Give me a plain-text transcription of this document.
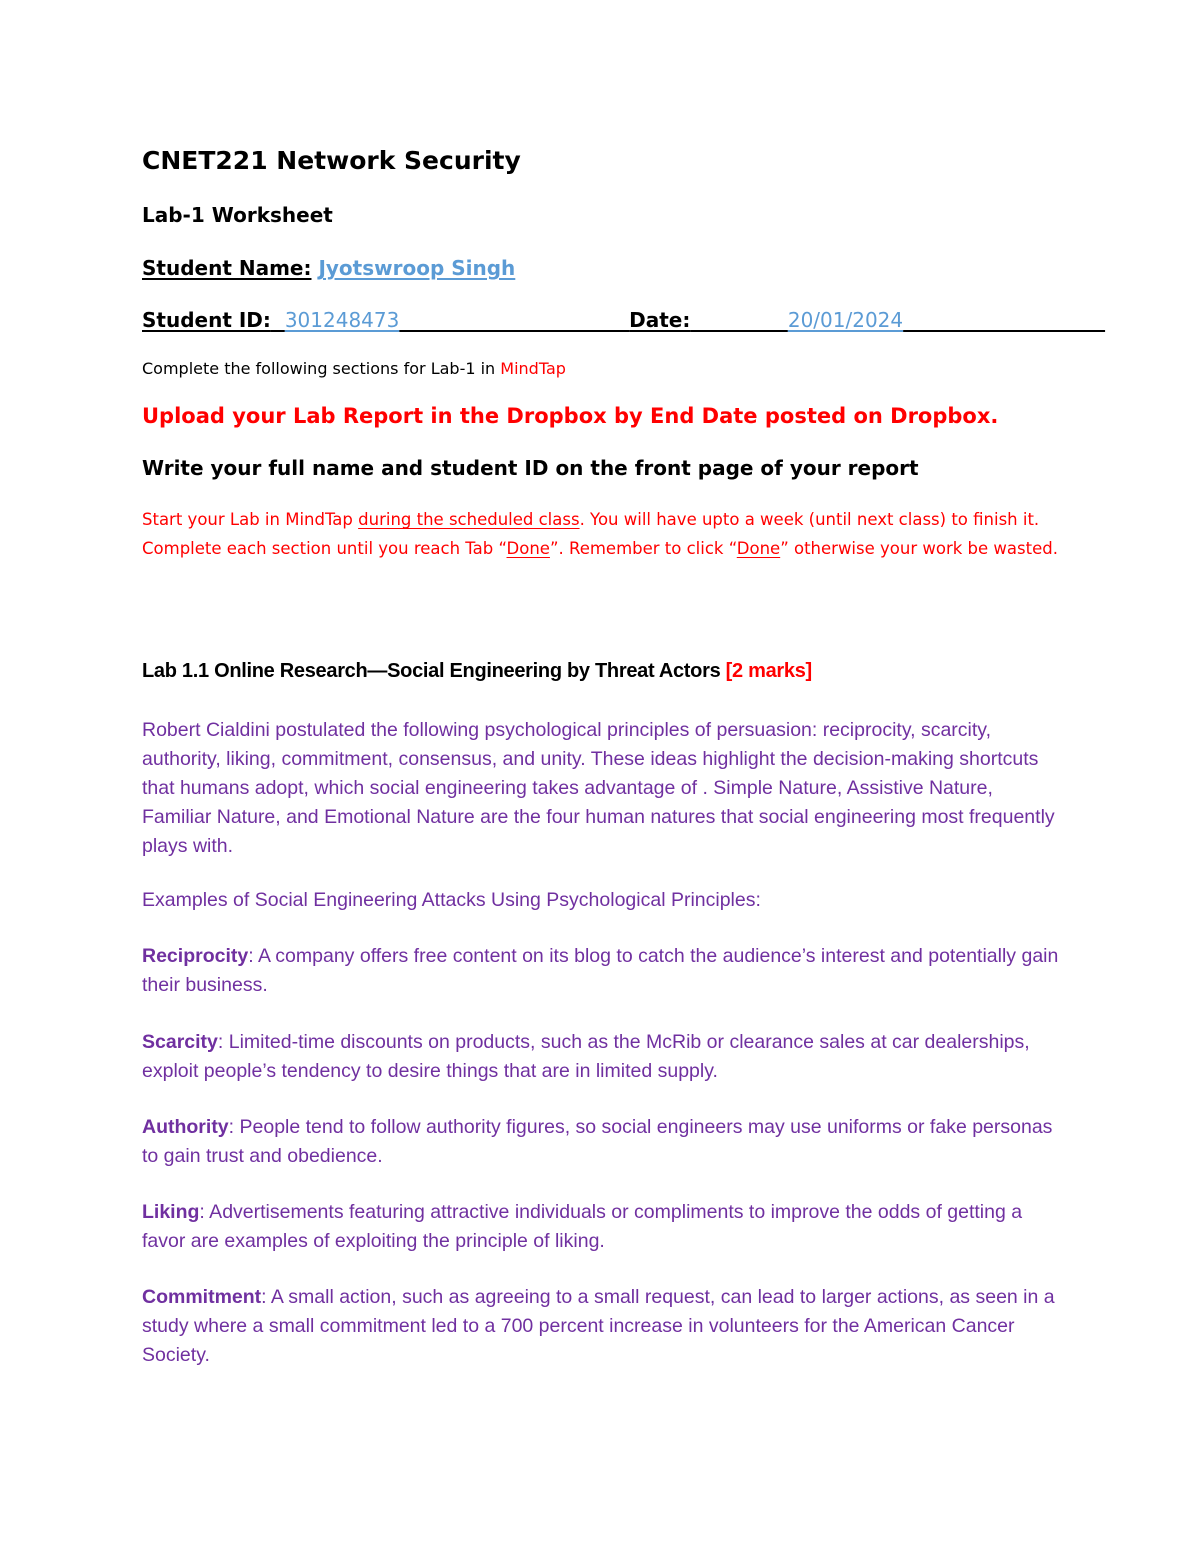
CNET221 Network Security
Lab-1 Worksheet
Student Name: Jyotswroop Singh
Student ID: 301248473	Date:	20/01/2024
Complete the following sections for Lab-1 in MindTap
Upload your Lab Report in the Dropbox by End Date posted on Dropbox.
Write your full name and student ID on the front page of your report
Start your Lab in MindTap during the scheduled class. You will have upto a week (until next class) to finish it. Complete each section until you reach Tab “Done”. Remember to click “Done” otherwise your work be wasted.
Lab 1.1 Online Research—Social Engineering by Threat Actors [2 marks]
Robert Cialdini postulated the following psychological principles of persuasion: reciprocity, scarcity, authority, liking, commitment, consensus, and unity. These ideas highlight the decision-making shortcuts that humans adopt, which social engineering takes advantage of . Simple Nature, Assistive Nature, Familiar Nature, and Emotional Nature are the four human natures that social engineering most frequently plays with.
Examples of Social Engineering Attacks Using Psychological Principles:
Reciprocity: A company offers free content on its blog to catch the audience’s interest and potentially gain their business.
Scarcity: Limited-time discounts on products, such as the McRib or clearance sales at car dealerships, exploit people’s tendency to desire things that are in limited supply.
Authority: People tend to follow authority figures, so social engineers may use uniforms or fake personas to gain trust and obedience.
Liking: Advertisements featuring attractive individuals or compliments to improve the odds of getting a favor are examples of exploiting the principle of liking.
Commitment: A small action, such as agreeing to a small request, can lead to larger actions, as seen in a study where a small commitment led to a 700 percent increase in volunteers for the American Cancer Society.
